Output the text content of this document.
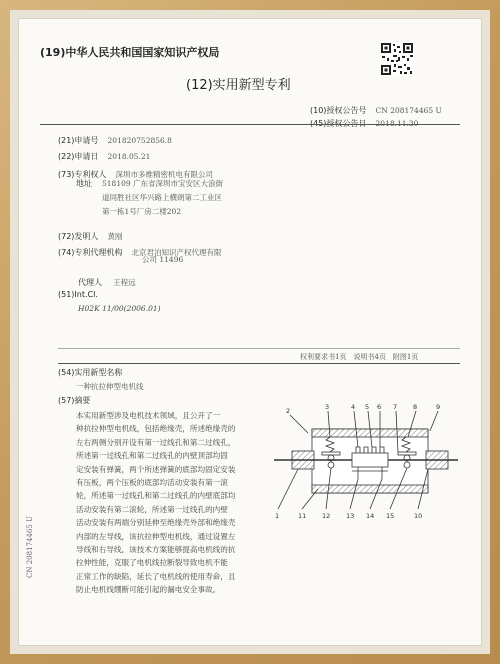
(19)中华人民共和国国家知识产权局
(12)实用新型专利
(10)授权公告号 CN 208174465 U
(45)授权公告日 2018.11.30
(21)申请号 201820752856.8
(22)申请日 2018.05.21
(73)专利权人 深圳市多维精密机电有限公司
地址 518109 广东省深圳市宝安区大浪街
道同胜社区华兴路上横朗第二工业区
第一栋1号厂房二楼202
(72)发明人 黄刚
(74)专利代理机构 北京君泊知识产权代理有限
公司 11496
代理人 王程远
(51)Int.Cl.
H02K 11/00(2006.01)
权利要求书1页　说明书4页　附图1页
(54)实用新型名称
一种抗拉伸型电机线
(57)摘要
本实用新型涉及电机技术领域，且公开了一
种抗拉伸型电机线，包括绝缘壳，所述绝缘壳的
左右两侧分别开设有第一过线孔和第二过线孔，
所述第一过线孔和第二过线孔的内壁顶部均固
定安装有弹簧，两个所述弹簧的底部均固定安装
有压板，两个压板的底部均活动安装有第一滚
轮，所述第一过线孔和第二过线孔的内壁底部均
活动安装有第二滚轮，所述第一过线孔的内壁
活动安装有两端分别延伸至绝缘壳外部和绝缘壳
内部的左导线，该抗拉伸型电机线，通过设置左
导线和右导线，该技术方案能够提高电机线的抗
拉伸性能，克服了电机线拉断裂导致电机不能
正常工作的缺陷，延长了电机线的使用寿命，且
防止电机线绷断可能引起的漏电安全事故。
2	3	4 5 6 7 8	9
1	11 12 13 14 15	10
CN 208174465 U
